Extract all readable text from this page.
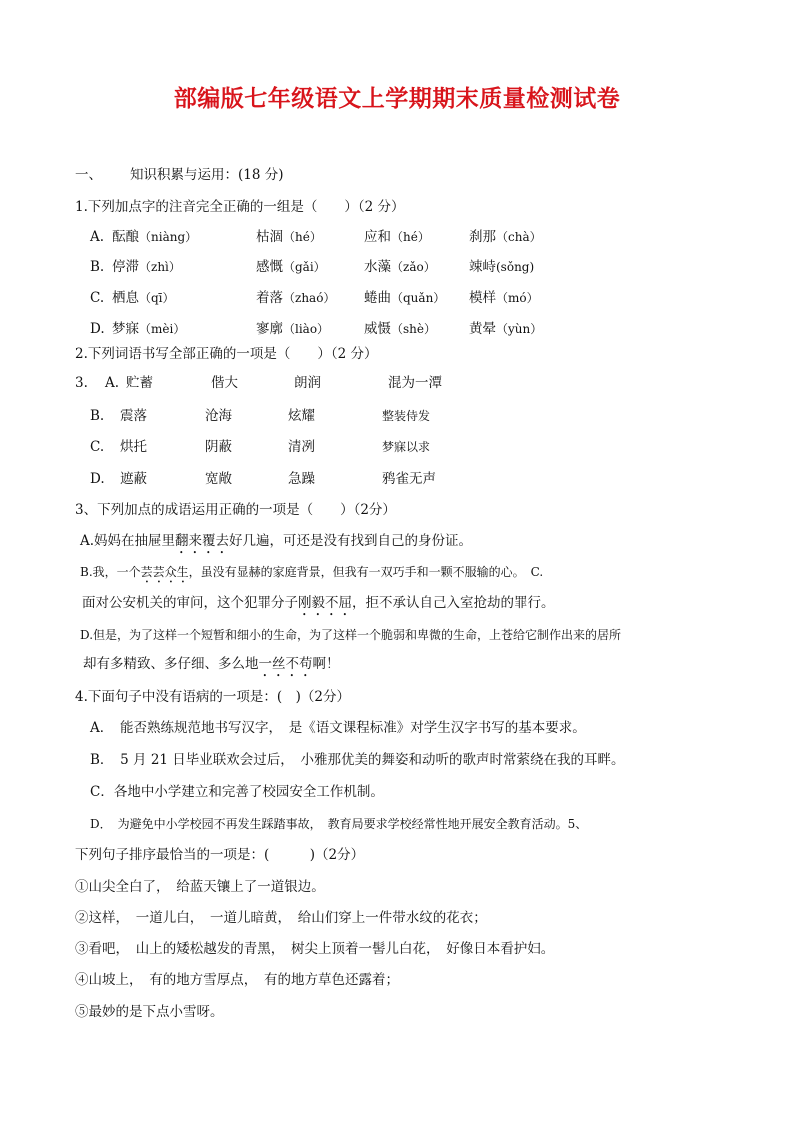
部编版七年级语文上学期期末质量检测试卷
一、 知识积累与运用：(18 分)
1.下列加点字的注音完全正确的一组是（　　）（2 分）
A. 酝酿（niàng）	枯涸（hé）	应和（hé）	刹那（chà）
B. 停滞（zhì）	感慨（gǎi）	水藻（zǎo） 竦峙(sǒng)
C. 栖息（qī）	着落（zhaó） 蜷曲（quǎn） 模样（mó）
D. 梦寐（mèi）	寥廓（liào）	威慑（shè） 黄晕（yùn）
2.下列词语书写全部正确的一项是（　　）（2 分）
3. A. 贮蓄	偕大	朗润	混为一潭
B. 震落	沧海	炫耀	整装侍发
C. 烘托	阴蔽	清冽	梦寐以求
D. 遮蔽	宽敞	急躁	鸦雀无声
3、下列加点的成语运用正确的一项是（　　）（2分）
A.妈妈在抽屉里翻来覆去好几遍，可还是没有找到自己的身份证。
B.我，一个芸芸众生，虽没有显赫的家庭背景，但我有一双巧手和一颗不服输的心。　C.
面对公安机关的审问，这个犯罪分子刚毅不屈，拒不承认自己入室抢劫的罪行。
D.但是，为了这样一个短暂和细小的生命，为了这样一个脆弱和卑微的生命，上苍给它制作出来的居所
却有多精致、多仔细、多么地一丝不苟啊！
4.下面句子中没有语病的一项是：(　)（2分）
A．　能否熟练规范地书写汉字，　是《语文课程标准》对学生汉字书写的基本要求。
B．　5 月 21 日毕业联欢会过后，　小雅那优美的舞姿和动听的歌声时常萦绕在我的耳畔。
C．各地中小学建立和完善了校园安全工作机制。
D．　为避免中小学校园不再发生踩踏事故，　教育局要求学校经常性地开展安全教育活动。5、
下列句子排序最恰当的一项是：(　　　)（2分）
①山尖全白了，　给蓝天镶上了一道银边。
②这样，　一道儿白，　一道儿暗黄，　给山们穿上一件带水纹的花衣；
③看吧，　山上的矮松越发的青黑，　树尖上顶着一髻儿白花，　好像日本看护妇。
④山坡上，　有的地方雪厚点，　有的地方草色还露着；
⑤最妙的是下点小雪呀。
